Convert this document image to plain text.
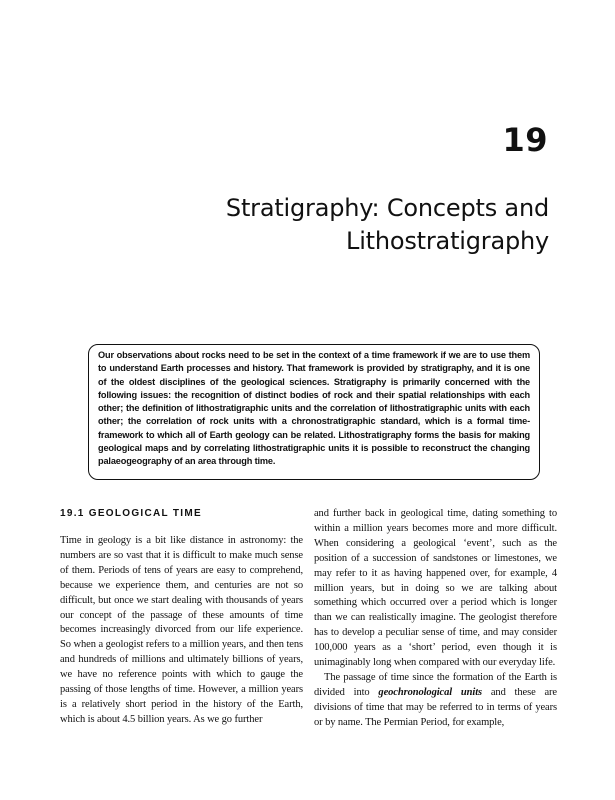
19
Stratigraphy: Concepts and
Lithostratigraphy

Our observations about rocks need to be set in the context of a time framework if we are to use them to understand Earth processes and history. That framework is provided by stratigraphy, and it is one of the oldest disciplines of the geological sciences. Stratigraphy is primarily concerned with the following issues: the recognition of distinct bodies of rock and their spatial relationships with each other; the definition of lithostratigraphic units and the correlation of lithostratigraphic units with each other; the correlation of rock units with a chronostratigraphic standard, which is a formal time-framework to which all of Earth geology can be related. Lithostratigraphy forms the basis for making geological maps and by correlating lithostratigraphic units it is possible to reconstruct the changing palaeogeography of an area through time.

19.1 GEOLOGICAL TIME

Time in geology is a bit like distance in astronomy: the numbers are so vast that it is difficult to make much sense of them. Periods of tens of years are easy to comprehend, because we experience them, and centuries are not so difficult, but once we start dealing with thousands of years our concept of the passage of these amounts of time becomes increasingly divorced from our life experience. So when a geologist refers to a million years, and then tens and hundreds of millions and ultimately billions of years, we have no reference points with which to gauge the passing of those lengths of time. However, a million years is a relatively short period in the history of the Earth, which is about 4.5 billion years. As we go further

and further back in geological time, dating something to within a million years becomes more and more difficult. When considering a geological ‘event’, such as the position of a succession of sandstones or limestones, we may refer to it as having happened over, for example, 4 million years, but in doing so we are talking about something which occurred over a period which is longer than we can realistically imagine. The geologist therefore has to develop a peculiar sense of time, and may consider 100,000 years as a ‘short’ period, even though it is unimaginably long when compared with our everyday life.

The passage of time since the formation of the Earth is divided into geochronological units and these are divisions of time that may be referred to in terms of years or by name. The Permian Period, for example,
